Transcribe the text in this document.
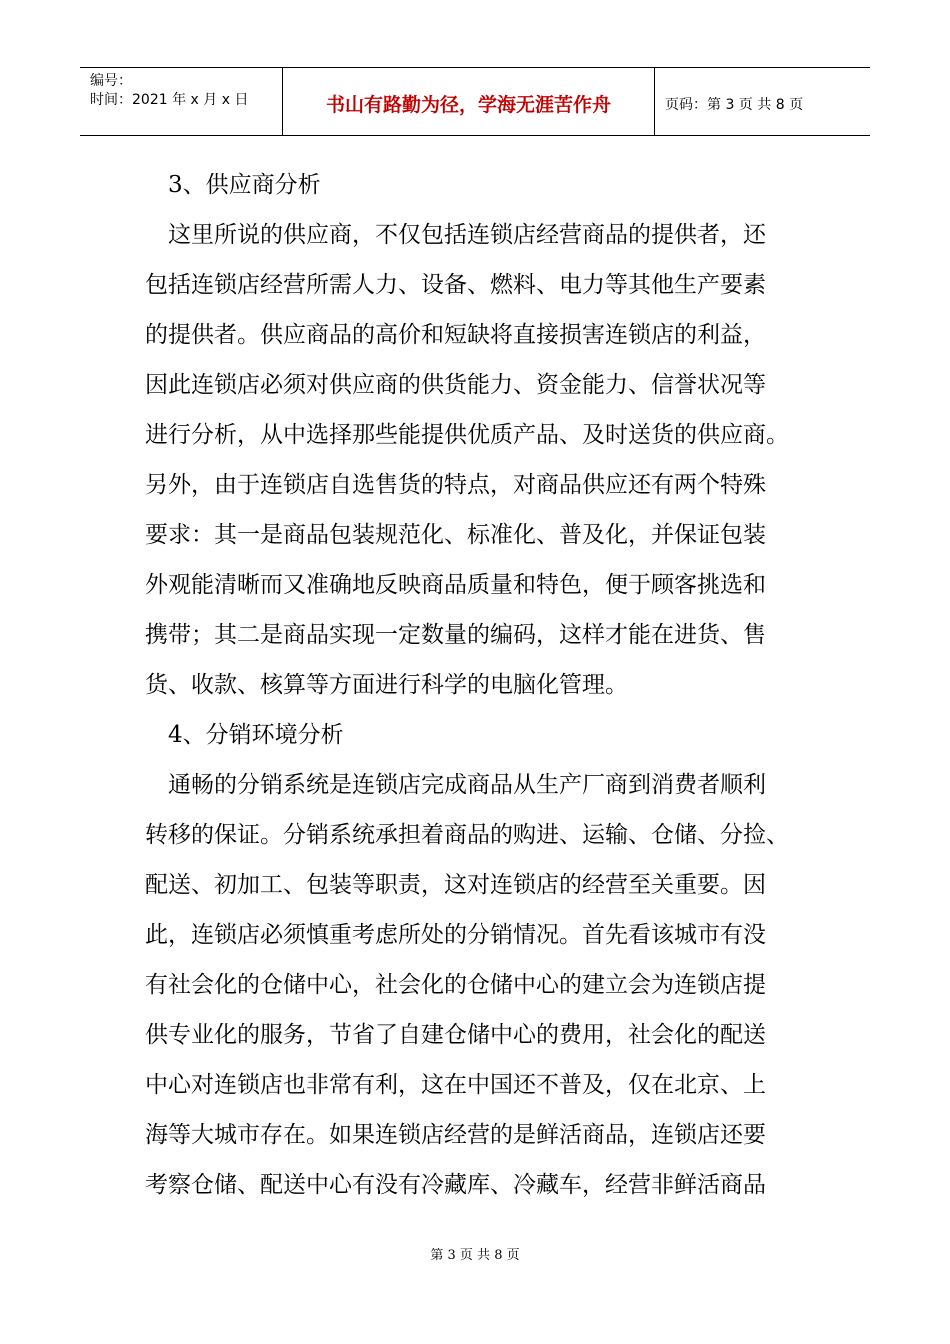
编号：
时间：2021 年 x 月 x 日	书山有路勤为径，学海无涯苦作舟	页码：第 3 页 共 8 页
3、供应商分析
这里所说的供应商，不仅包括连锁店经营商品的提供者，还
包括连锁店经营所需人力、设备、燃料、电力等其他生产要素
的提供者。供应商品的高价和短缺将直接损害连锁店的利益，
因此连锁店必须对供应商的供货能力、资金能力、信誉状况等
进行分析，从中选择那些能提供优质产品、及时送货的供应商。
另外，由于连锁店自选售货的特点，对商品供应还有两个特殊
要求：其一是商品包装规范化、标准化、普及化，并保证包装
外观能清晰而又准确地反映商品质量和特色，便于顾客挑选和
携带；其二是商品实现一定数量的编码，这样才能在进货、售
货、收款、核算等方面进行科学的电脑化管理。
4、分销环境分析
通畅的分销系统是连锁店完成商品从生产厂商到消费者顺利
转移的保证。分销系统承担着商品的购进、运输、仓储、分捡、
配送、初加工、包装等职责，这对连锁店的经营至关重要。因
此，连锁店必须慎重考虑所处的分销情况。首先看该城市有没
有社会化的仓储中心，社会化的仓储中心的建立会为连锁店提
供专业化的服务，节省了自建仓储中心的费用，社会化的配送
中心对连锁店也非常有利，这在中国还不普及，仅在北京、上
海等大城市存在。如果连锁店经营的是鲜活商品，连锁店还要
考察仓储、配送中心有没有冷藏库、冷藏车，经营非鲜活商品
第 3 页 共 8 页
